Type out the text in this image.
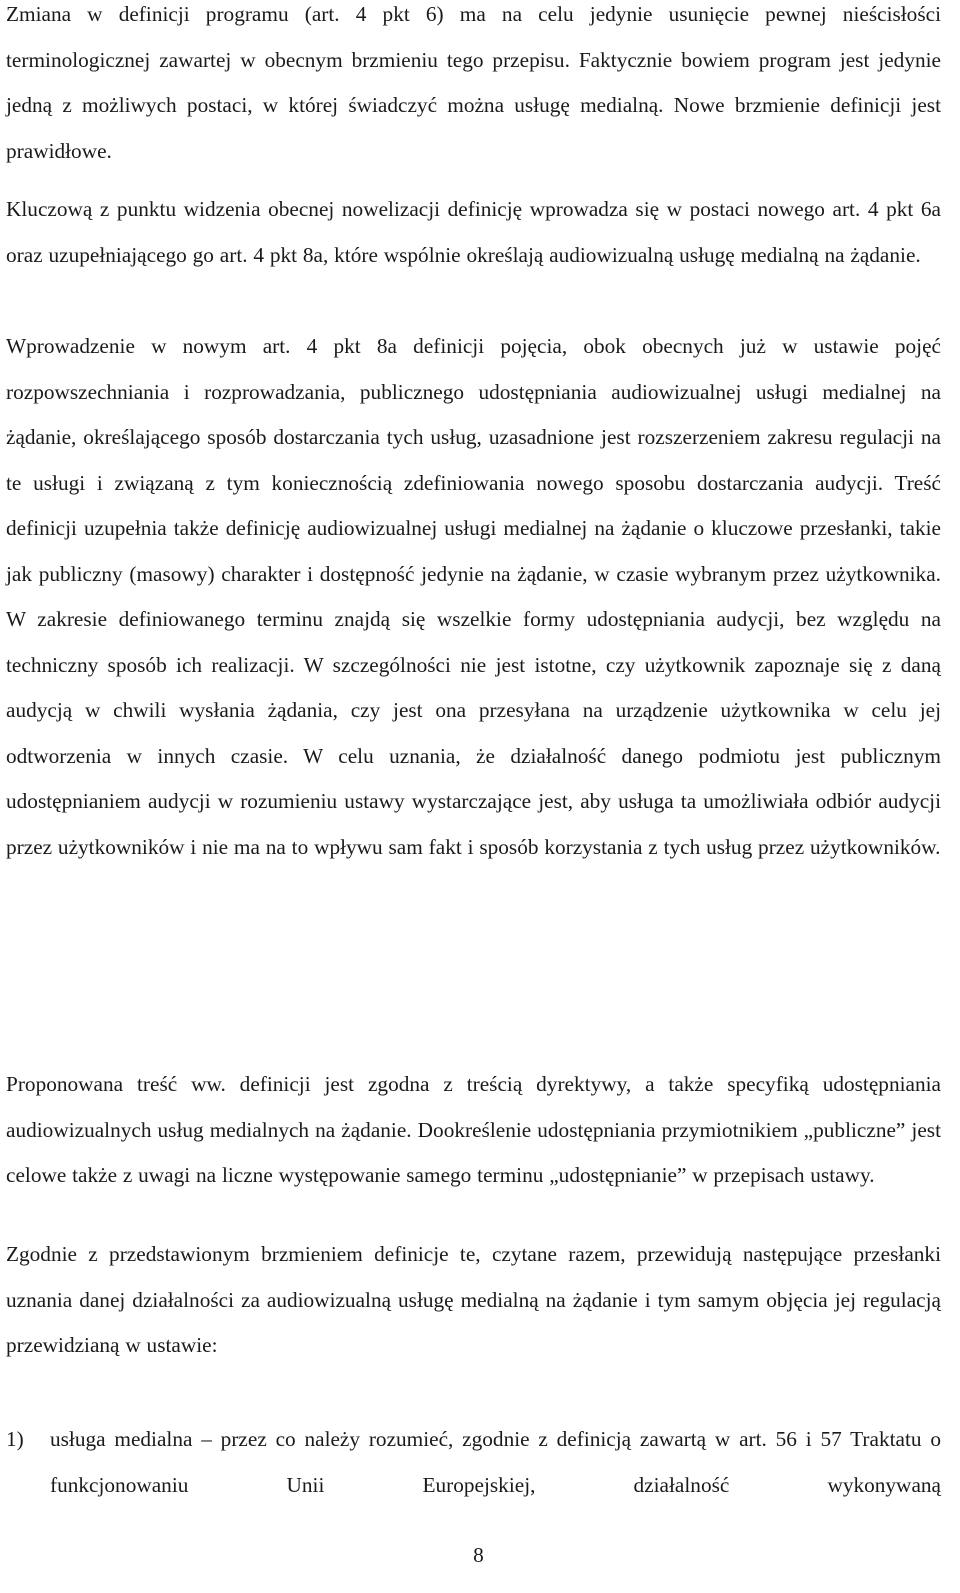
Zmiana w definicji programu (art. 4 pkt 6) ma na celu jedynie usunięcie pewnej nieścisłości terminologicznej zawartej w obecnym brzmieniu tego przepisu. Faktycznie bowiem program jest jedynie jedną z możliwych postaci, w której świadczyć można usługę medialną. Nowe brzmienie definicji jest prawidłowe.

Kluczową z punktu widzenia obecnej nowelizacji definicję wprowadza się w postaci nowego art. 4 pkt 6a oraz uzupełniającego go art. 4 pkt 8a, które wspólnie określają audiowizualną usługę medialną na żądanie.

Wprowadzenie w nowym art. 4 pkt 8a definicji pojęcia, obok obecnych już w ustawie pojęć rozpowszechniania i rozprowadzania, publicznego udostępniania audiowizualnej usługi medialnej na żądanie, określającego sposób dostarczania tych usług, uzasadnione jest rozszerzeniem zakresu regulacji na te usługi i związaną z tym koniecznością zdefiniowania nowego sposobu dostarczania audycji. Treść definicji uzupełnia także definicję audiowizualnej usługi medialnej na żądanie o kluczowe przesłanki, takie jak publiczny (masowy) charakter i dostępność jedynie na żądanie, w czasie wybranym przez użytkownika. W zakresie definiowanego terminu znajdą się wszelkie formy udostępniania audycji, bez względu na techniczny sposób ich realizacji. W szczególności nie jest istotne, czy użytkownik zapoznaje się z daną audycją w chwili wysłania żądania, czy jest ona przesyłana na urządzenie użytkownika w celu jej odtworzenia w innych czasie. W celu uznania, że działalność danego podmiotu jest publicznym udostępnianiem audycji w rozumieniu ustawy wystarczające jest, aby usługa ta umożliwiała odbiór audycji przez użytkowników i nie ma na to wpływu sam fakt i sposób korzystania z tych usług przez użytkowników.

Proponowana treść ww. definicji jest zgodna z treścią dyrektywy, a także specyfiką udostępniania audiowizualnych usług medialnych na żądanie. Dookreślenie udostępniania przymiotnikiem „publiczne” jest celowe także z uwagi na liczne występowanie samego terminu „udostępnianie” w przepisach ustawy.

Zgodnie z przedstawionym brzmieniem definicje te, czytane razem, przewidują następujące przesłanki uznania danej działalności za audiowizualną usługę medialną na żądanie i tym samym objęcia jej regulacją przewidzianą w ustawie:

1) usługa medialna – przez co należy rozumieć, zgodnie z definicją zawartą w art. 56 i 57 Traktatu o funkcjonowaniu Unii Europejskiej, działalność wykonywaną
8
